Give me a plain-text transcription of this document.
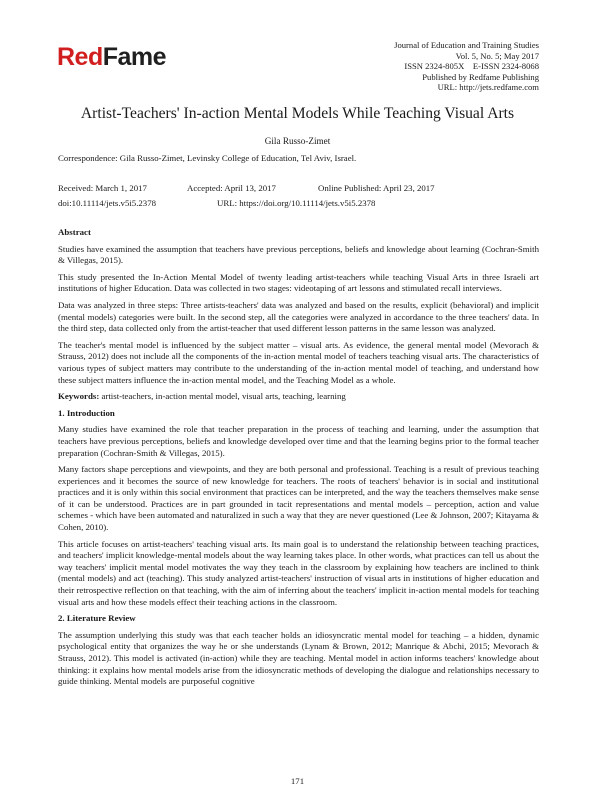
RedFame	Journal of Education and Training Studies
Vol. 5, No. 5; May 2017
ISSN 2324-805X    E-ISSN 2324-8068
Published by Redfame Publishing
URL: http://jets.redfame.com
Artist-Teachers' In-action Mental Models While Teaching Visual Arts
Gila Russo-Zimet
Correspondence: Gila Russo-Zimet, Levinsky College of Education, Tel Aviv, Israel.
Received: March 1, 2017	Accepted: April 13, 2017	Online Published: April 23, 2017
doi:10.11114/jets.v5i5.2378	URL: https://doi.org/10.11114/jets.v5i5.2378
Abstract

Studies have examined the assumption that teachers have previous perceptions, beliefs and knowledge about learning (Cochran-Smith & Villegas, 2015).

This study presented the In-Action Mental Model of twenty leading artist-teachers while teaching Visual Arts in three Israeli art institutions of higher Education. Data was collected in two stages: videotaping of art lessons and stimulated recall interviews.

Data was analyzed in three steps: Three artists-teachers' data was analyzed and based on the results, explicit (behavioral) and implicit (mental models) categories were built. In the second step, all the categories were analyzed in accordance to the three teachers' data. In the third step, data collected only from the artist-teacher that used different lesson patterns in the same lesson was analyzed.

The teacher's mental model is influenced by the subject matter – visual arts. As evidence, the general mental model (Mevorach & Strauss, 2012) does not include all the components of the in-action mental model of teachers teaching visual arts. The characteristics of various types of subject matters may contribute to the understanding of the in-action mental model of teaching, and understand how these subject matters influence the in-action mental model, and the Teaching Model as a whole.

Keywords: artist-teachers, in-action mental model, visual arts, teaching, learning

1. Introduction

Many studies have examined the role that teacher preparation in the process of teaching and learning, under the assumption that teachers have previous perceptions, beliefs and knowledge developed over time and that the learning begins prior to the formal teacher preparation (Cochran-Smith & Villegas, 2015).

Many factors shape perceptions and viewpoints, and they are both personal and professional. Teaching is a result of previous teaching experiences and it becomes the source of new knowledge for teachers. The roots of teachers' behavior is in social and institutional practices and it is only within this social environment that practices can be interpreted, and the way the teachers themselves make sense of it can be understood. Practices are in part grounded in tacit representations and mental models – perception, action and value schemes - which have been automated and naturalized in such a way that they are never questioned (Lee & Johnson, 2007; Kitayama & Cohen, 2010).

This article focuses on artist-teachers' teaching visual arts. Its main goal is to understand the relationship between teaching practices, and teachers' implicit knowledge-mental models about the way learning takes place. In other words, what practices can tell us about the way teachers' implicit mental model motivates the way they teach in the classroom by explaining how teachers are inclined to think (mental models) and act (teaching). This study analyzed artist-teachers' instruction of visual arts in institutions of higher education and their retrospective reflection on that teaching, with the aim of inferring about the teachers' implicit in-action mental models for teaching visual arts and how these models effect their teaching actions in the classroom.

2. Literature Review

The assumption underlying this study was that each teacher holds an idiosyncratic mental model for teaching – a hidden, dynamic psychological entity that organizes the way he or she understands (Lynam & Brown, 2012; Manrique & Abchi, 2015; Mevorach & Strauss, 2012). This model is activated (in-action) while they are teaching. Mental model in action informs teachers' knowledge about thinking: it explains how mental models arise from the idiosyncratic methods of developing the dialogue and relationships necessary to guide thinking. Mental models are purposeful cognitive

171
